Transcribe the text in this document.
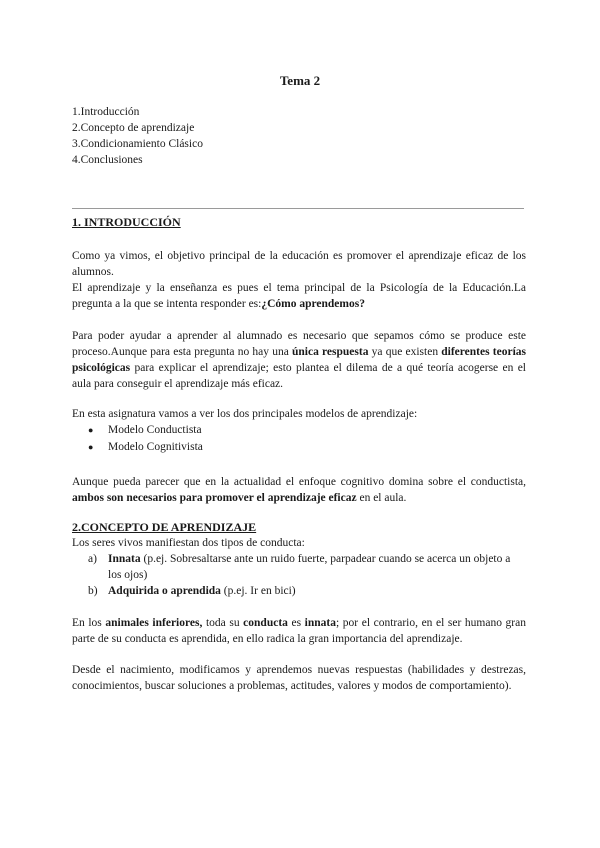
Tema 2
1.Introducción
2.Concepto de aprendizaje
3.Condicionamiento Clásico
4.Conclusiones
1. INTRODUCCIÓN

Como ya vimos, el objetivo principal de la educación es promover el aprendizaje eficaz de los alumnos.

El aprendizaje y la enseñanza es pues el tema principal de la Psicología de la Educación.La pregunta a la que se intenta responder es:¿Cómo aprendemos?

Para poder ayudar a aprender al alumnado es necesario que sepamos cómo se produce este proceso.Aunque para esta pregunta no hay una única respuesta ya que existen diferentes teorías psicológicas para explicar el aprendizaje; esto plantea el dilema de a qué teoría acogerse en el aula para conseguir el aprendizaje más eficaz.

En esta asignatura vamos a ver los dos principales modelos de aprendizaje:
●	Modelo Conductista
●	Modelo Cognitivista

Aunque pueda parecer que en la actualidad el enfoque cognitivo domina sobre el conductista, ambos son necesarios para promover el aprendizaje eficaz en el aula.

2.CONCEPTO DE APRENDIZAJE
Los seres vivos manifiestan dos tipos de conducta:
a) Innata (p.ej. Sobresaltarse ante un ruido fuerte, parpadear cuando se acerca un objeto a los ojos)
b) Adquirida o aprendida (p.ej. Ir en bici)

En los animales inferiores, toda su conducta es innata; por el contrario, en el ser humano gran parte de su conducta es aprendida, en ello radica la gran importancia del aprendizaje.

Desde el nacimiento, modificamos y aprendemos nuevas respuestas (habilidades y destrezas, conocimientos, buscar soluciones a problemas, actitudes, valores y modos de comportamiento).
